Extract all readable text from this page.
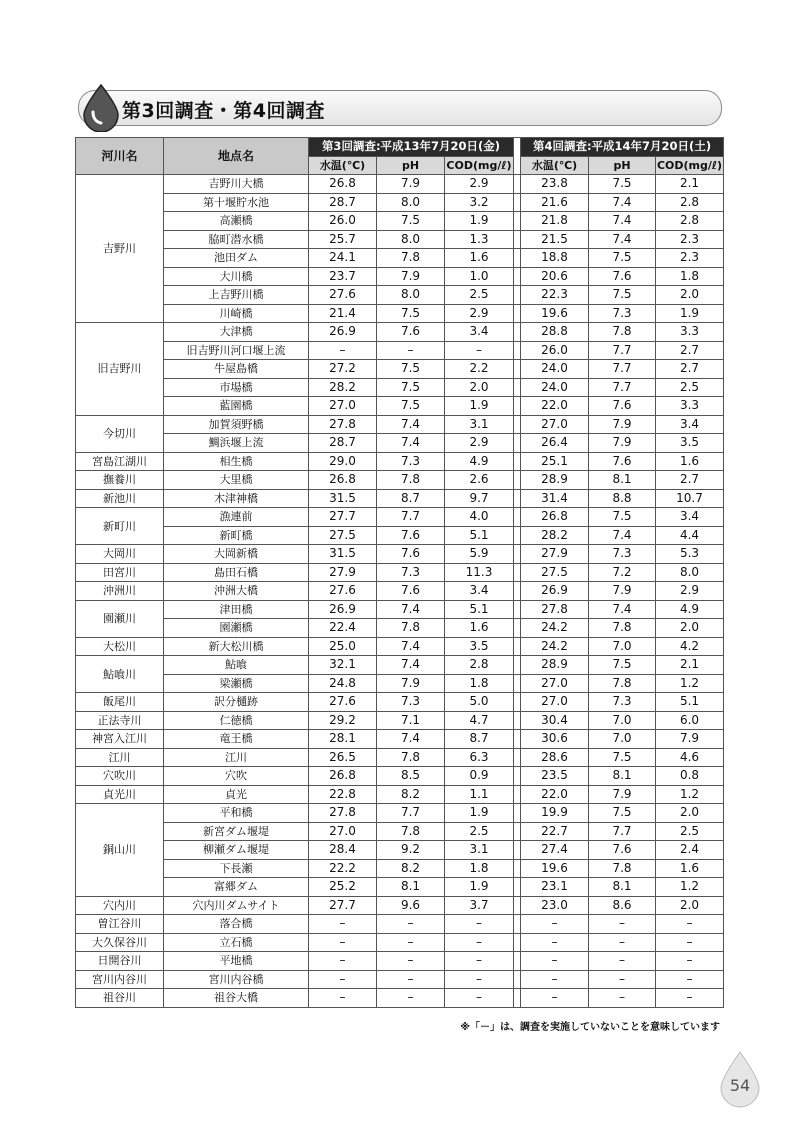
第3回調査・第4回調査
河川名	地点名	第3回調査:平成13年7月20日(金)				第4回調査:平成14年7月20日(土)		
		水温(℃)	pH	COD(mg/ℓ)		水温(℃)	pH	COD(mg/ℓ)
吉野川	吉野川大橋	26.8	7.9	2.9		23.8	7.5	2.1
	第十堰貯水池	28.7	8.0	3.2		21.6	7.4	2.8
	高瀬橋	26.0	7.5	1.9		21.8	7.4	2.8
	脇町潜水橋	25.7	8.0	1.3		21.5	7.4	2.3
	池田ダム	24.1	7.8	1.6		18.8	7.5	2.3
	大川橋	23.7	7.9	1.0		20.6	7.6	1.8
	上吉野川橋	27.6	8.0	2.5		22.3	7.5	2.0
	川崎橋	21.4	7.5	2.9		19.6	7.3	1.9
旧吉野川	大津橋	26.9	7.6	3.4		28.8	7.8	3.3
	旧吉野川河口堰上流	–	–	–		26.0	7.7	2.7
	牛屋島橋	27.2	7.5	2.2		24.0	7.7	2.7
	市場橋	28.2	7.5	2.0		24.0	7.7	2.5
	藍園橋	27.0	7.5	1.9		22.0	7.6	3.3
今切川	加賀須野橋	27.8	7.4	3.1		27.0	7.9	3.4
	鯛浜堰上流	28.7	7.4	2.9		26.4	7.9	3.5
宮島江湖川	相生橋	29.0	7.3	4.9		25.1	7.6	1.6
撫養川	大里橋	26.8	7.8	2.6		28.9	8.1	2.7
新池川	木津神橋	31.5	8.7	9.7		31.4	8.8	10.7
新町川	漁連前	27.7	7.7	4.0		26.8	7.5	3.4
	新町橋	27.5	7.6	5.1		28.2	7.4	4.4
大岡川	大岡新橋	31.5	7.6	5.9		27.9	7.3	5.3
田宮川	島田石橋	27.9	7.3	11.3		27.5	7.2	8.0
沖洲川	沖洲大橋	27.6	7.6	3.4		26.9	7.9	2.9
園瀬川	津田橋	26.9	7.4	5.1		27.8	7.4	4.9
	園瀬橋	22.4	7.8	1.6		24.2	7.8	2.0
大松川	新大松川橋	25.0	7.4	3.5		24.2	7.0	4.2
鮎喰川	鮎喰	32.1	7.4	2.8		28.9	7.5	2.1
	梁瀬橋	24.8	7.9	1.8		27.0	7.8	1.2
飯尾川	訳分樋跡	27.6	7.3	5.0		27.0	7.3	5.1
正法寺川	仁徳橋	29.2	7.1	4.7		30.4	7.0	6.0
神宮入江川	竜王橋	28.1	7.4	8.7		30.6	7.0	7.9
江川	江川	26.5	7.8	6.3		28.6	7.5	4.6
穴吹川	穴吹	26.8	8.5	0.9		23.5	8.1	0.8
貞光川	貞光	22.8	8.2	1.1		22.0	7.9	1.2
銅山川	平和橋	27.8	7.7	1.9		19.9	7.5	2.0
	新宮ダム堰堤	27.0	7.8	2.5		22.7	7.7	2.5
	柳瀬ダム堰堤	28.4	9.2	3.1		27.4	7.6	2.4
	下長瀬	22.2	8.2	1.8		19.6	7.8	1.6
	富郷ダム	25.2	8.1	1.9		23.1	8.1	1.2
穴内川	穴内川ダムサイト	27.7	9.6	3.7		23.0	8.6	2.0
曽江谷川	落合橋	–	–	–		–	–	–
大久保谷川	立石橋	–	–	–		–	–	–
日開谷川	平地橋	–	–	–		–	–	–
宮川内谷川	宮川内谷橋	–	–	–		–	–	–
祖谷川	祖谷大橋	–	–	–		–	–	–
※「－」は、調査を実施していないことを意味しています
54
